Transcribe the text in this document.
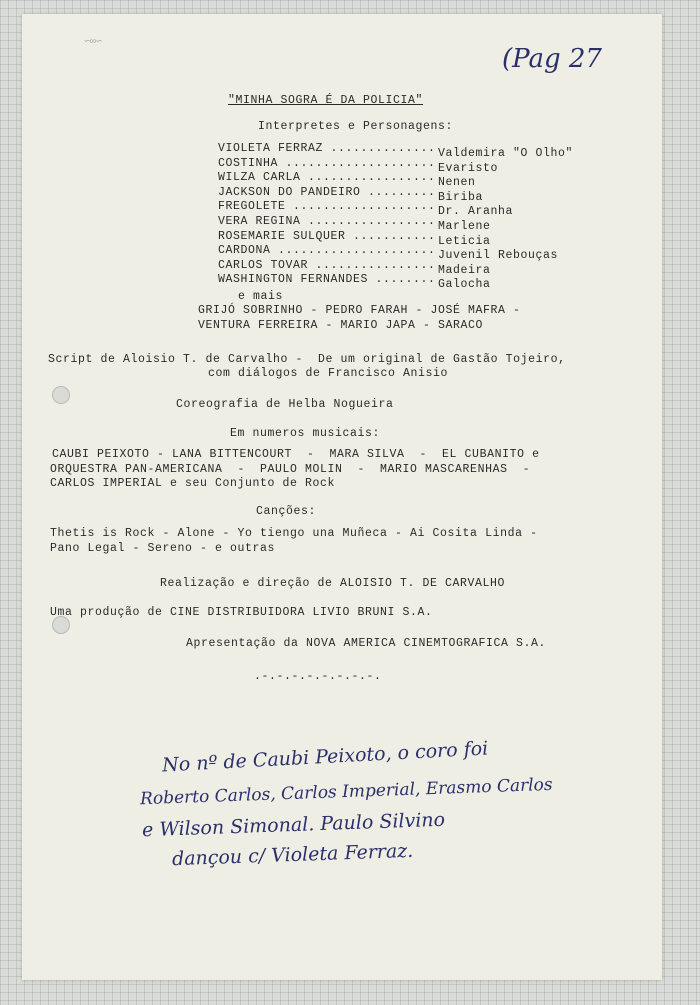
∽∞∽
(Pag 27
"MINHA SOGRA É DA POLICIA"
Interpretes e Personagens:
VIOLETA FERRAZ .....	Valdemira "O Olho"
COSTINHA .....	Evaristo
WILZA CARLA .....	Nenen
JACKSON DO PANDEIRO .....	Biriba
FREGOLETE .....	Dr. Aranha
VERA REGINA .....	Marlene
ROSEMARIE SULQUER .....	Leticia
CARDONA .....	Juvenil Rebouças
CARLOS TOVAR .....	Madeira
WASHINGTON FERNANDES .....	Galocha
e mais
GRIJÓ SOBRINHO - PEDRO FARAH - JOSÉ MAFRA -
VENTURA FERREIRA - MARIO JAPA - SARACO
Script de Aloisio T. de Carvalho -  De um original de Gastão Tojeiro,
com diálogos de Francisco Anisio
Coreografia de Helba Nogueira
Em numeros musicais:
CAUBI PEIXOTO - LANA BITTENCOURT  -  MARA SILVA  -  EL CUBANITO e
ORQUESTRA PAN-AMERICANA  -  PAULO MOLIN  -  MARIO MASCARENHAS  -
CARLOS IMPERIAL e seu Conjunto de Rock
Canções:
Thetis is Rock - Alone - Yo tiengo una Muñeca - Ai Cosita Linda -
Pano Legal - Sereno - e outras
Realização e direção de ALOISIO T. DE CARVALHO
Uma produção de CINE DISTRIBUIDORA LIVIO BRUNI S.A.
Apresentação da NOVA AMERICA CINEMTOGRAFICA S.A.
.-.-.-.-.-.-.-.-.
No nº de Caubi Peixoto, o coro foi
Roberto Carlos, Carlos Imperial, Erasmo Carlos
e Wilson Simonal. Paulo Silvino
dançou c/ Violeta Ferraz.
